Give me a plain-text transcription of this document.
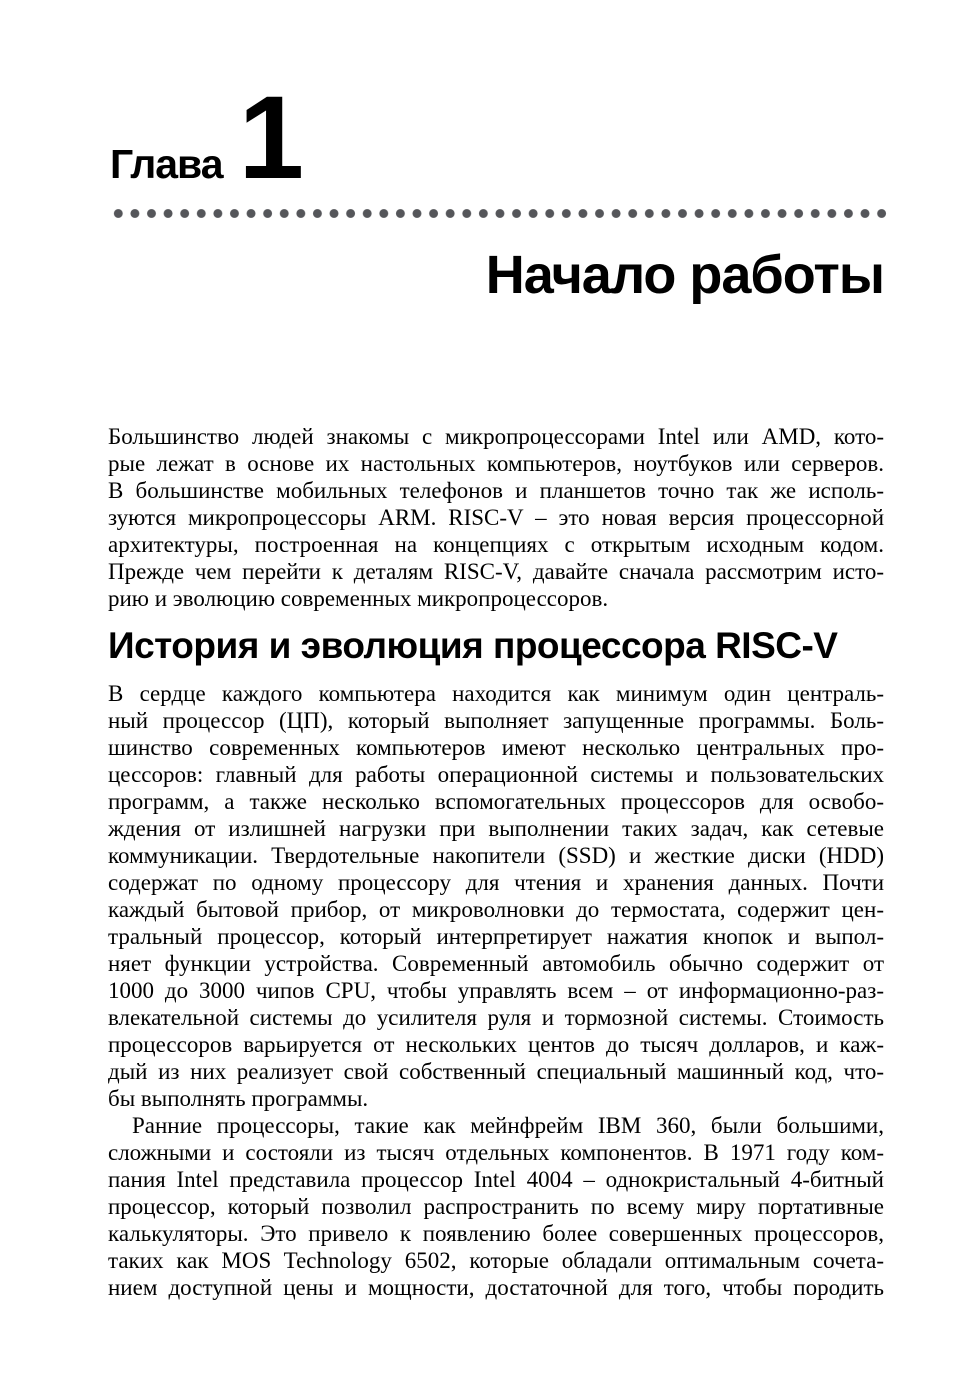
Глава 1
Начало работы
Большинство людей знакомы с микропроцессорами Intel или AMD, кото-
рые лежат в основе их настольных компьютеров, ноутбуков или серверов.
В большинстве мобильных телефонов и планшетов точно так же исполь-
зуются микропроцессоры ARM. RISC-V – это новая версия процессорной
архитектуры, построенная на концепциях с открытым исходным кодом.
Прежде чем перейти к деталям RISC-V, давайте сначала рассмотрим исто-
рию и эволюцию современных микропроцессоров.
История и эволюция процессора RISC-V
В сердце каждого компьютера находится как минимум один централь-
ный процессор (ЦП), который выполняет запущенные программы. Боль-
шинство современных компьютеров имеют несколько центральных про-
цессоров: главный для работы операционной системы и пользовательских
программ, а также несколько вспомогательных процессоров для освобо-
ждения от излишней нагрузки при выполнении таких задач, как сетевые
коммуникации. Твердотельные накопители (SSD) и жесткие диски (HDD)
содержат по одному процессору для чтения и хранения данных. Почти
каждый бытовой прибор, от микроволновки до термостата, содержит цен-
тральный процессор, который интерпретирует нажатия кнопок и выпол-
няет функции устройства. Современный автомобиль обычно содержит от
1000 до 3000 чипов CPU, чтобы управлять всем – от информационно-раз-
влекательной системы до усилителя руля и тормозной системы. Стоимость
процессоров варьируется от нескольких центов до тысяч долларов, и каж-
дый из них реализует свой собственный специальный машинный код, что-
бы выполнять программы.
Ранние процессоры, такие как мейнфрейм IBM 360, были большими,
сложными и состояли из тысяч отдельных компонентов. В 1971 году ком-
пания Intel представила процессор Intel 4004 – однокристальный 4-битный
процессор, который позволил распространить по всему миру портативные
калькуляторы. Это привело к появлению более совершенных процессоров,
таких как MOS Technology 6502, которые обладали оптимальным сочета-
нием доступной цены и мощности, достаточной для того, чтобы породить
